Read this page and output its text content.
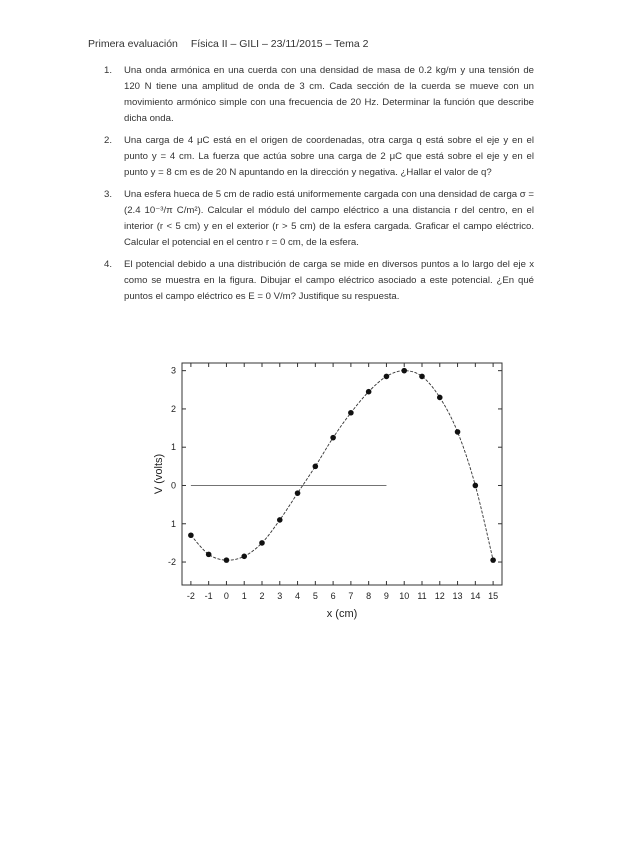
Primera evaluación Física II – GILI – 23/11/2015 – Tema 2
1. Una onda armónica en una cuerda con una densidad de masa de 0.2 kg/m y una tensión de 120 N tiene una amplitud de onda de 3 cm. Cada sección de la cuerda se mueve con un movimiento armónico simple con una frecuencia de 20 Hz. Determinar la función que describe dicha onda.
2. Una carga de 4 μC está en el origen de coordenadas, otra carga q está sobre el eje y en el punto y = 4 cm. La fuerza que actúa sobre una carga de 2 μC que está sobre el eje y en el punto y = 8 cm es de 20 N apuntando en la dirección y negativa. ¿Hallar el valor de q?
3. Una esfera hueca de 5 cm de radio está uniformemente cargada con una densidad de carga σ = (2.4 10⁻³/π C/m²). Calcular el módulo del campo eléctrico a una distancia r del centro, en el interior (r < 5 cm) y en el exterior (r > 5 cm) de la esfera cargada. Graficar el campo eléctrico. Calcular el potencial en el centro r = 0 cm, de la esfera.
4. El potencial debido a una distribución de carga se mide en diversos puntos a lo largo del eje x como se muestra en la figura. Dibujar el campo eléctrico asociado a este potencial. ¿En qué puntos el campo eléctrico es E = 0 V/m? Justifique su respuesta.
-2 -1 0 1 2 3 4 5 6 7 8 9 10 11 12 13 14 15
-2
1
0
1
2
3
x (cm)
V (volts)
